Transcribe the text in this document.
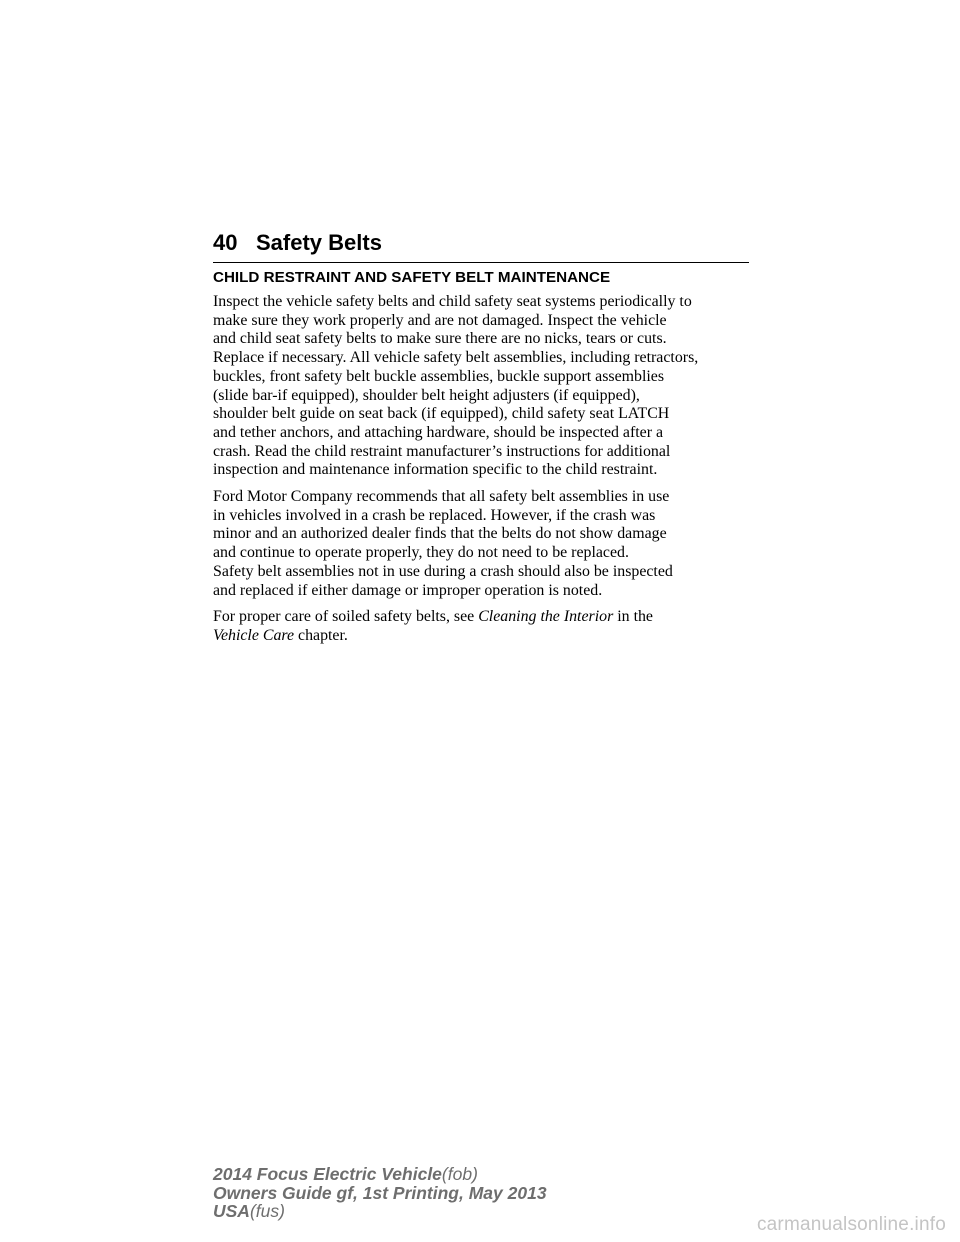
40 Safety Belts
CHILD RESTRAINT AND SAFETY BELT MAINTENANCE

Inspect the vehicle safety belts and child safety seat systems periodically to
make sure they work properly and are not damaged. Inspect the vehicle
and child seat safety belts to make sure there are no nicks, tears or cuts.
Replace if necessary. All vehicle safety belt assemblies, including retractors,
buckles, front safety belt buckle assemblies, buckle support assemblies
(slide bar-if equipped), shoulder belt height adjusters (if equipped),
shoulder belt guide on seat back (if equipped), child safety seat LATCH
and tether anchors, and attaching hardware, should be inspected after a
crash. Read the child restraint manufacturer’s instructions for additional
inspection and maintenance information specific to the child restraint.

Ford Motor Company recommends that all safety belt assemblies in use
in vehicles involved in a crash be replaced. However, if the crash was
minor and an authorized dealer finds that the belts do not show damage
and continue to operate properly, they do not need to be replaced.
Safety belt assemblies not in use during a crash should also be inspected
and replaced if either damage or improper operation is noted.

For proper care of soiled safety belts, see Cleaning the Interior in the
Vehicle Care chapter.

2014 Focus Electric Vehicle(fob)
Owners Guide gf, 1st Printing, May 2013
USA(fus)
carmanualsonline.info
